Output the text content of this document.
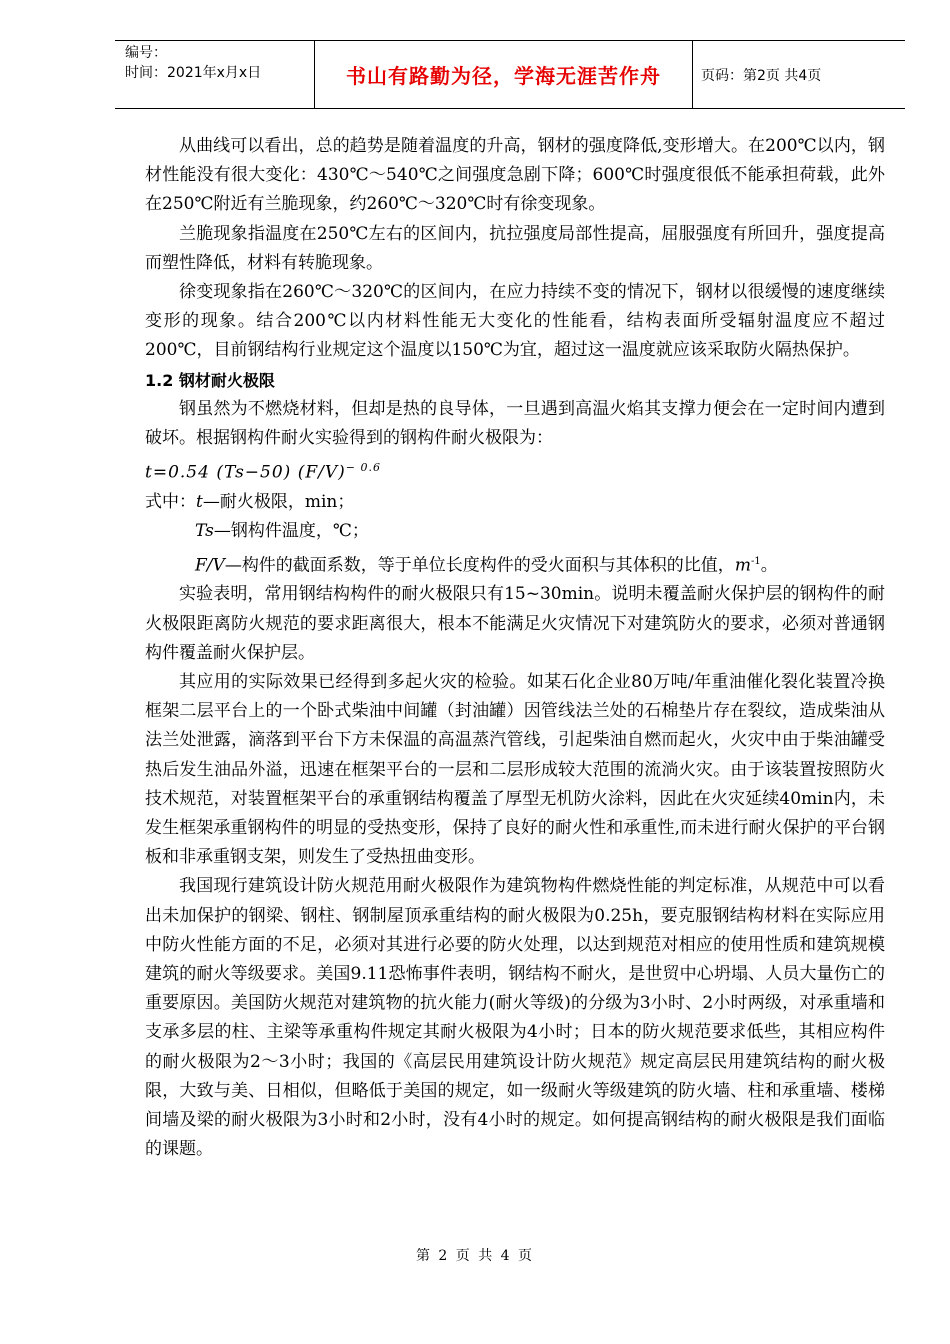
编号：
时间：2021年x月x日	书山有路勤为径，学海无涯苦作舟	页码：第2页 共4页

从曲线可以看出，总的趋势是随着温度的升高，钢材的强度降低,变形增大。在200℃以内，钢材性能没有很大变化：430℃～540℃之间强度急剧下降；600℃时强度很低不能承担荷载，此外在250℃附近有兰脆现象，约260℃～320℃时有徐变现象。

兰脆现象指温度在250℃左右的区间内，抗拉强度局部性提高，屈服强度有所回升，强度提高而塑性降低，材料有转脆现象。

徐变现象指在260℃～320℃的区间内，在应力持续不变的情况下，钢材以很缓慢的速度继续变形的现象。结合200℃以内材料性能无大变化的性能看，结构表面所受辐射温度应不超过200℃，目前钢结构行业规定这个温度以150℃为宜，超过这一温度就应该采取防火隔热保护。

1.2 钢材耐火极限

钢虽然为不燃烧材料，但却是热的良导体，一旦遇到高温火焰其支撑力便会在一定时间内遭到破坏。根据钢构件耐火实验得到的钢构件耐火极限为：

t=0.54 (Ts−50) $(F/V)^{- 0.6}$

式中：t—耐火极限，min；

Ts—钢构件温度，℃；

F/V—构件的截面系数，等于单位长度构件的受火面积与其体积的比值，$m^{-1}$。

实验表明，常用钢结构构件的耐火极限只有15~30min。说明未覆盖耐火保护层的钢构件的耐火极限距离防火规范的要求距离很大，根本不能满足火灾情况下对建筑防火的要求，必须对普通钢构件覆盖耐火保护层。

其应用的实际效果已经得到多起火灾的检验。如某石化企业80万吨/年重油催化裂化装置冷换框架二层平台上的一个卧式柴油中间罐（封油罐）因管线法兰处的石棉垫片存在裂纹，造成柴油从法兰处泄露，滴落到平台下方未保温的高温蒸汽管线，引起柴油自燃而起火，火灾中由于柴油罐受热后发生油品外溢，迅速在框架平台的一层和二层形成较大范围的流淌火灾。由于该装置按照防火技术规范，对装置框架平台的承重钢结构覆盖了厚型无机防火涂料，因此在火灾延续40min内，未发生框架承重钢构件的明显的受热变形，保持了良好的耐火性和承重性,而未进行耐火保护的平台钢板和非承重钢支架，则发生了受热扭曲变形。

我国现行建筑设计防火规范用耐火极限作为建筑物构件燃烧性能的判定标准，从规范中可以看出未加保护的钢梁、钢柱、钢制屋顶承重结构的耐火极限为0.25h，要克服钢结构材料在实际应用中防火性能方面的不足，必须对其进行必要的防火处理，以达到规范对相应的使用性质和建筑规模建筑的耐火等级要求。美国9.11恐怖事件表明，钢结构不耐火，是世贸中心坍塌、人员大量伤亡的重要原因。美国防火规范对建筑物的抗火能力(耐火等级)的分级为3小时、2小时两级，对承重墙和支承多层的柱、主梁等承重构件规定其耐火极限为4小时；日本的防火规范要求低些，其相应构件的耐火极限为2～3小时；我国的《高层民用建筑设计防火规范》规定高层民用建筑结构的耐火极限，大致与美、日相似，但略低于美国的规定，如一级耐火等级建筑的防火墙、柱和承重墙、楼梯间墙及梁的耐火极限为3小时和2小时，没有4小时的规定。如何提高钢结构的耐火极限是我们面临的课题。

第 2 页 共 4 页
